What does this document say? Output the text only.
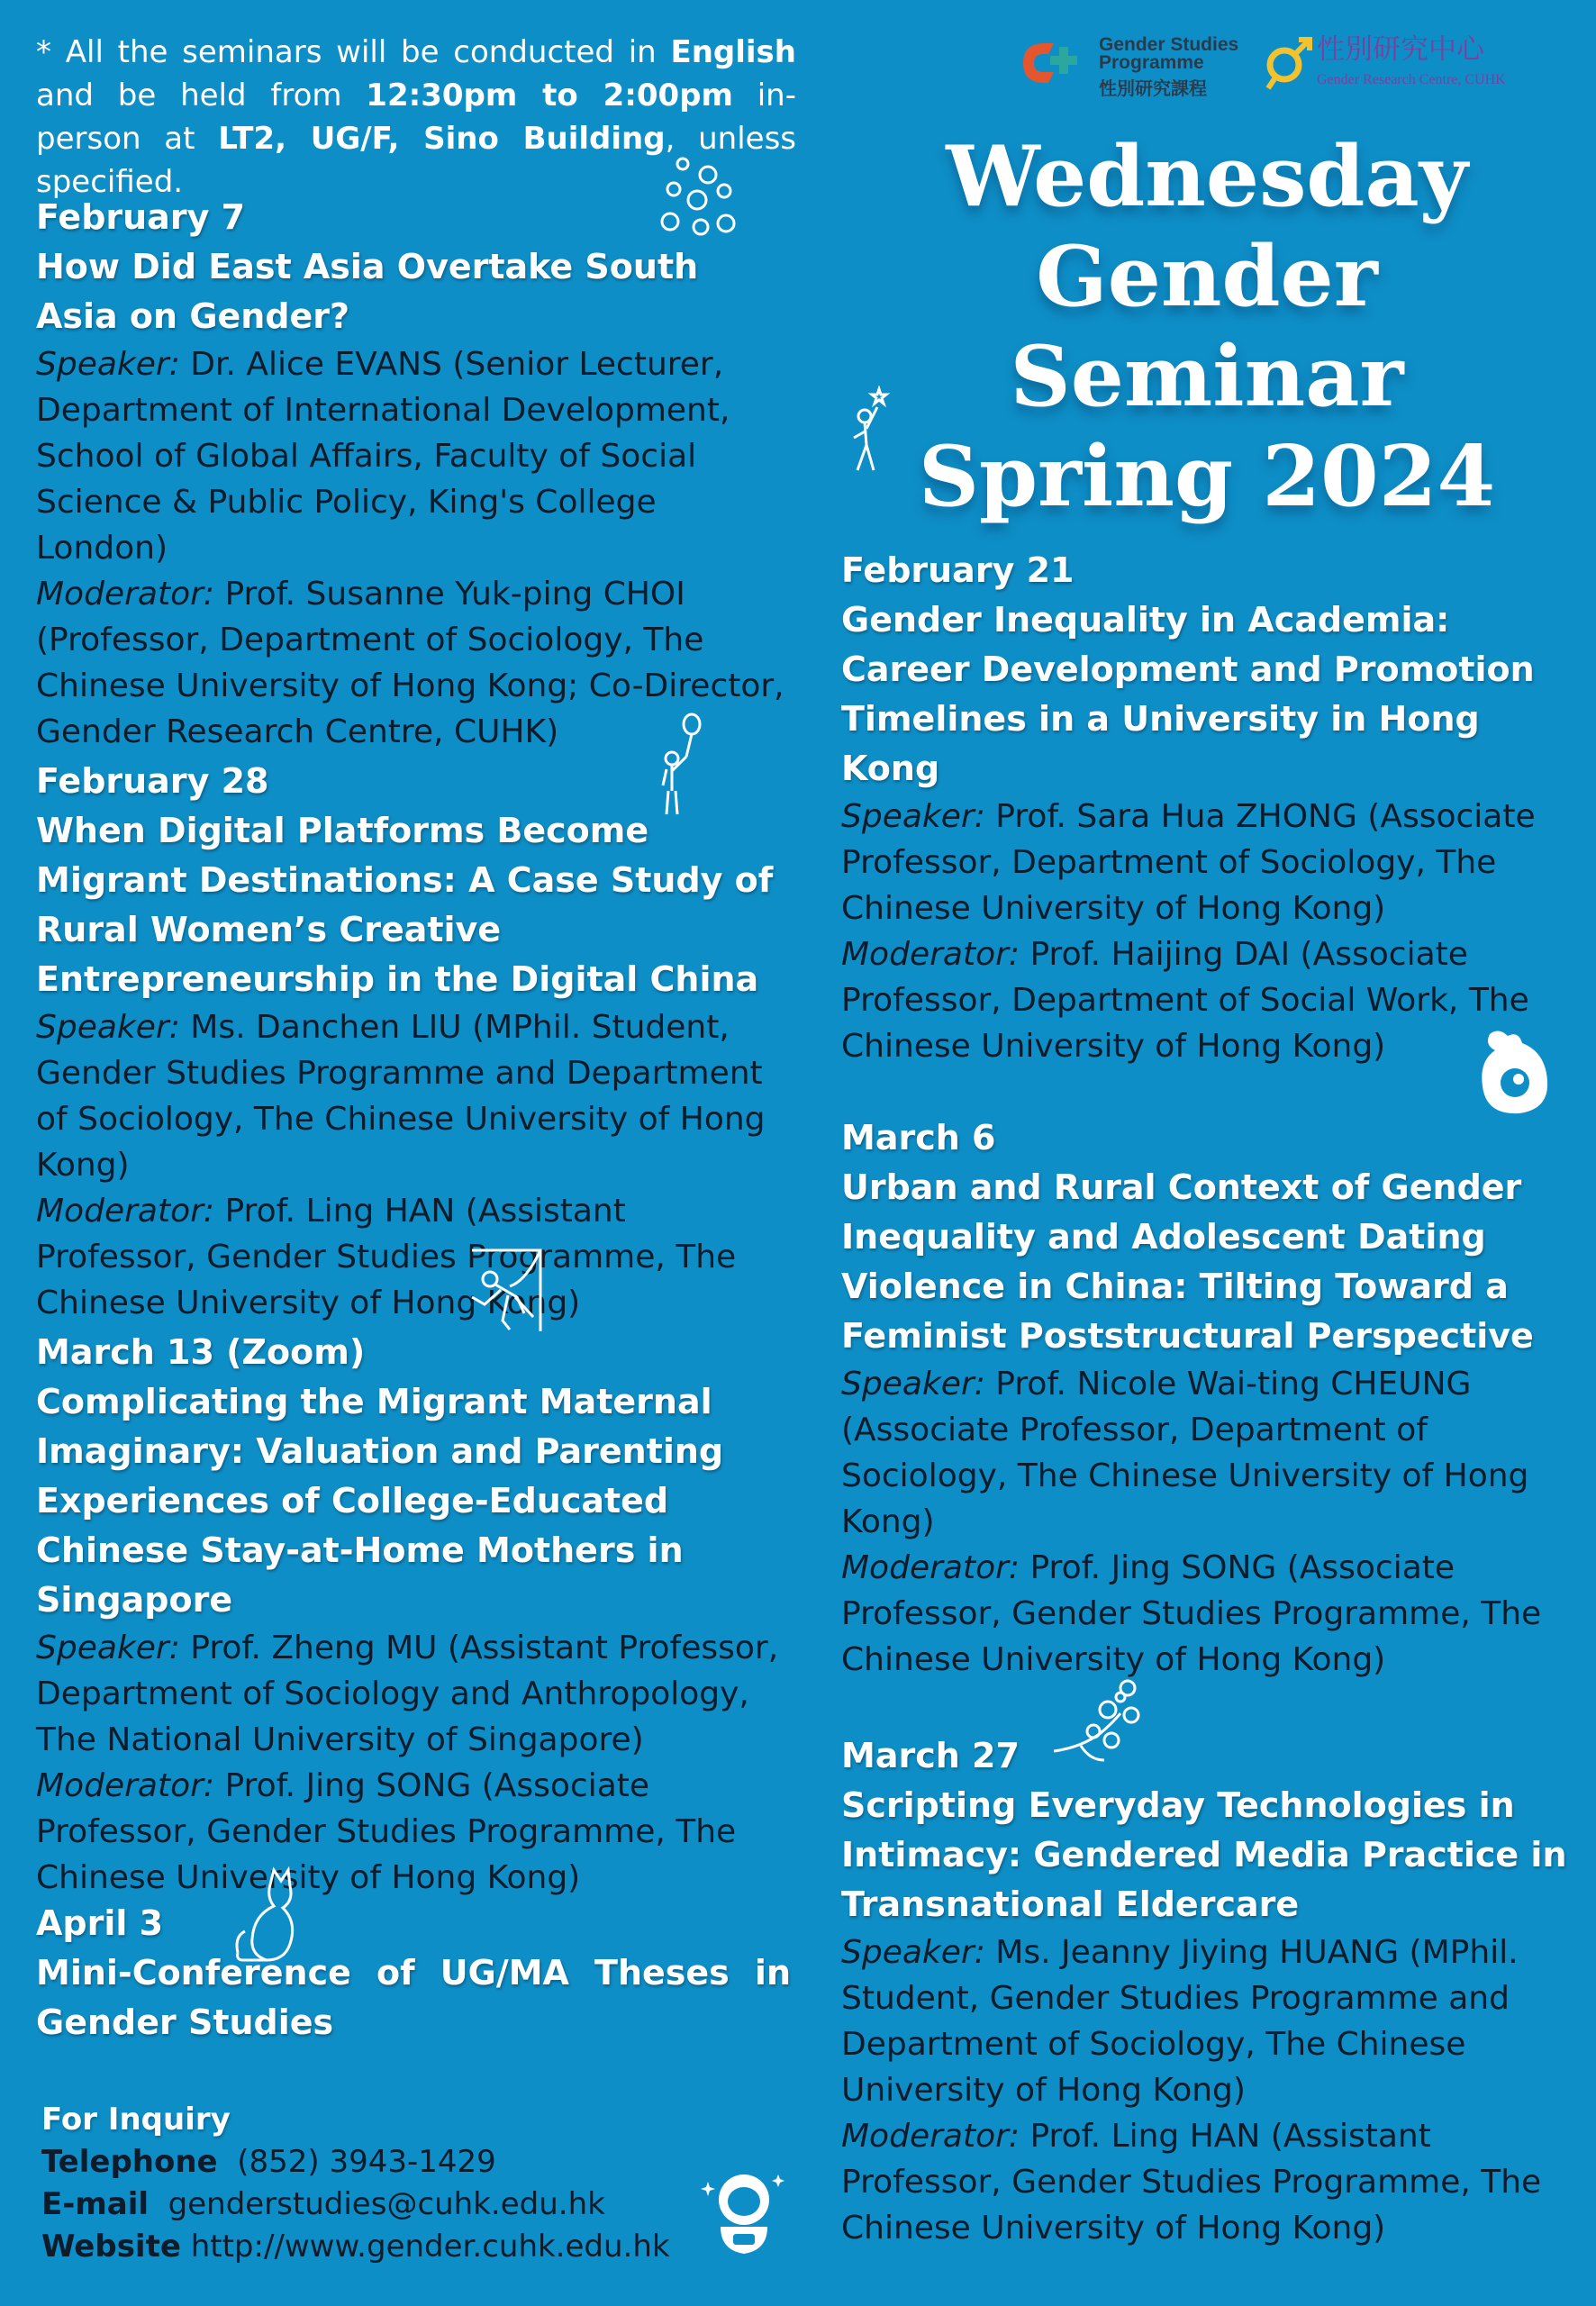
* All the seminars will be conducted in English and be held from 12:30pm to 2:00pm in-person at LT2, UG/F, Sino Building, unless specified.
Gender Studies
Programme
性別研究課程
性別研究中心
Gender Research Centre, CUHK
Wednesday
Gender
Seminar
Spring 2024
February 7
How Did East Asia Overtake South Asia on Gender?
Speaker: Dr. Alice EVANS (Senior Lecturer, Department of International Development, School of Global Affairs, Faculty of Social Science & Public Policy, King's College London)
Moderator: Prof. Susanne Yuk-ping CHOI (Professor, Department of Sociology, The Chinese University of Hong Kong; Co-Director, Gender Research Centre, CUHK)
February 28
When Digital Platforms Become Migrant Destinations: A Case Study of Rural Women’s Creative Entrepreneurship in the Digital China
Speaker: Ms. Danchen LIU (MPhil. Student, Gender Studies Programme and Department of Sociology, The Chinese University of Hong Kong)
Moderator: Prof. Ling HAN (Assistant Professor, Gender Studies Programme, The Chinese University of Hong Kong)
March 13 (Zoom)
Complicating the Migrant Maternal Imaginary: Valuation and Parenting Experiences of College-Educated Chinese Stay-at-Home Mothers in Singapore
Speaker: Prof. Zheng MU (Assistant Professor, Department of Sociology and Anthropology, The National University of Singapore)
Moderator: Prof. Jing SONG (Associate Professor, Gender Studies Programme, The Chinese University of Hong Kong)
April 3
Mini-Conference of UG/MA Theses in Gender Studies
February 21
Gender Inequality in Academia: Career Development and Promotion Timelines in a University in Hong Kong
Speaker: Prof. Sara Hua ZHONG (Associate Professor, Department of Sociology, The Chinese University of Hong Kong)
Moderator: Prof. Haijing DAI (Associate Professor, Department of Social Work, The Chinese University of Hong Kong)
March 6
Urban and Rural Context of Gender Inequality and Adolescent Dating Violence in China: Tilting Toward a Feminist Poststructural Perspective
Speaker: Prof. Nicole Wai-ting CHEUNG (Associate Professor, Department of Sociology, The Chinese University of Hong Kong)
Moderator: Prof. Jing SONG (Associate Professor, Gender Studies Programme, The Chinese University of Hong Kong)
March 27
Scripting Everyday Technologies in Intimacy: Gendered Media Practice in Transnational Eldercare
Speaker: Ms. Jeanny Jiying HUANG (MPhil. Student, Gender Studies Programme and Department of Sociology, The Chinese University of Hong Kong)
Moderator: Prof. Ling HAN (Assistant Professor, Gender Studies Programme, The Chinese University of Hong Kong)
For Inquiry
Telephone (852) 3943-1429
E-mail genderstudies@cuhk.edu.hk
Website http://www.gender.cuhk.edu.hk
